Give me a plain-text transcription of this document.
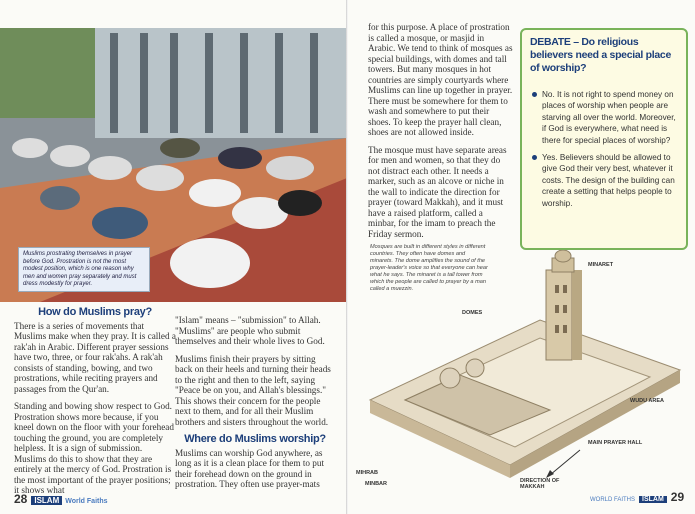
Muslims prostrating themselves in prayer before God. Prostration is not the most modest position, which is one reason why men and women pray separately and must dress modestly for prayer.
How do Muslims pray?

There is a series of movements that Muslims make when they pray. It is called a rak'ah in Arabic. Different prayer sessions have two, three, or four rak'ahs. A rak'ah consists of standing, bowing, and two prostrations, while reciting prayers and passages from the Qur'an.

Standing and bowing show respect to God. Prostration shows more because, if you kneel down on the floor with your forehead touching the ground, you are completely helpless. It is a sign of submission. Muslims do this to show that they are entirely at the mercy of God. Prostration is the most important of the prayer positions; it shows what

"Islam" means – "submission" to Allah. "Muslims" are people who submit themselves and their whole lives to God.

Muslims finish their prayers by sitting back on their heels and turning their heads to the right and then to the left, saying "Peace be on you, and Allah's blessings." This shows their concern for the people next to them, and for all their Muslim brothers and sisters throughout the world.

Where do Muslims worship?

Muslims can worship God anywhere, as long as it is a clean place for them to put their forehead down on the ground in prostration. They often use prayer-mats

28 ISLAM World Faiths

for this purpose. A place of prostration is called a mosque, or masjid in Arabic. We tend to think of mosques as special buildings, with domes and tall towers. But many mosques in hot countries are simply courtyards where Muslims can line up together in prayer. There must be somewhere for them to wash and somewhere to put their shoes. To keep the prayer hall clean, shoes are not allowed inside.

The mosque must have separate areas for men and women, so that they do not distract each other. It needs a marker, such as an alcove or niche in the wall to indicate the direction for prayer (toward Makkah), and it must have a raised platform, called a minbar, for the imam to preach the Friday sermon.

DEBATE – Do religious believers need a special place of worship?
No. It is not right to spend money on places of worship when people are starving all over the world. Moreover, if God is everywhere, what need is there for special places of worship?
Yes. Believers should be allowed to give God their very best, whatever it costs. The design of the building can create a setting that helps people to worship.
Mosques are built in different styles in different countries. They often have domes and minarets. The dome amplifies the sound of the prayer-leader's voice so that everyone can hear what he says. The minaret is a tall tower from which the people are called to prayer by a man called a muezzin.
MINARET
DOMES
WUDU AREA
MIHRAB
MINBAR
MAIN PRAYER HALL
DIRECTION OF MAKKAH
WORLD FAITHS ISLAM 29
